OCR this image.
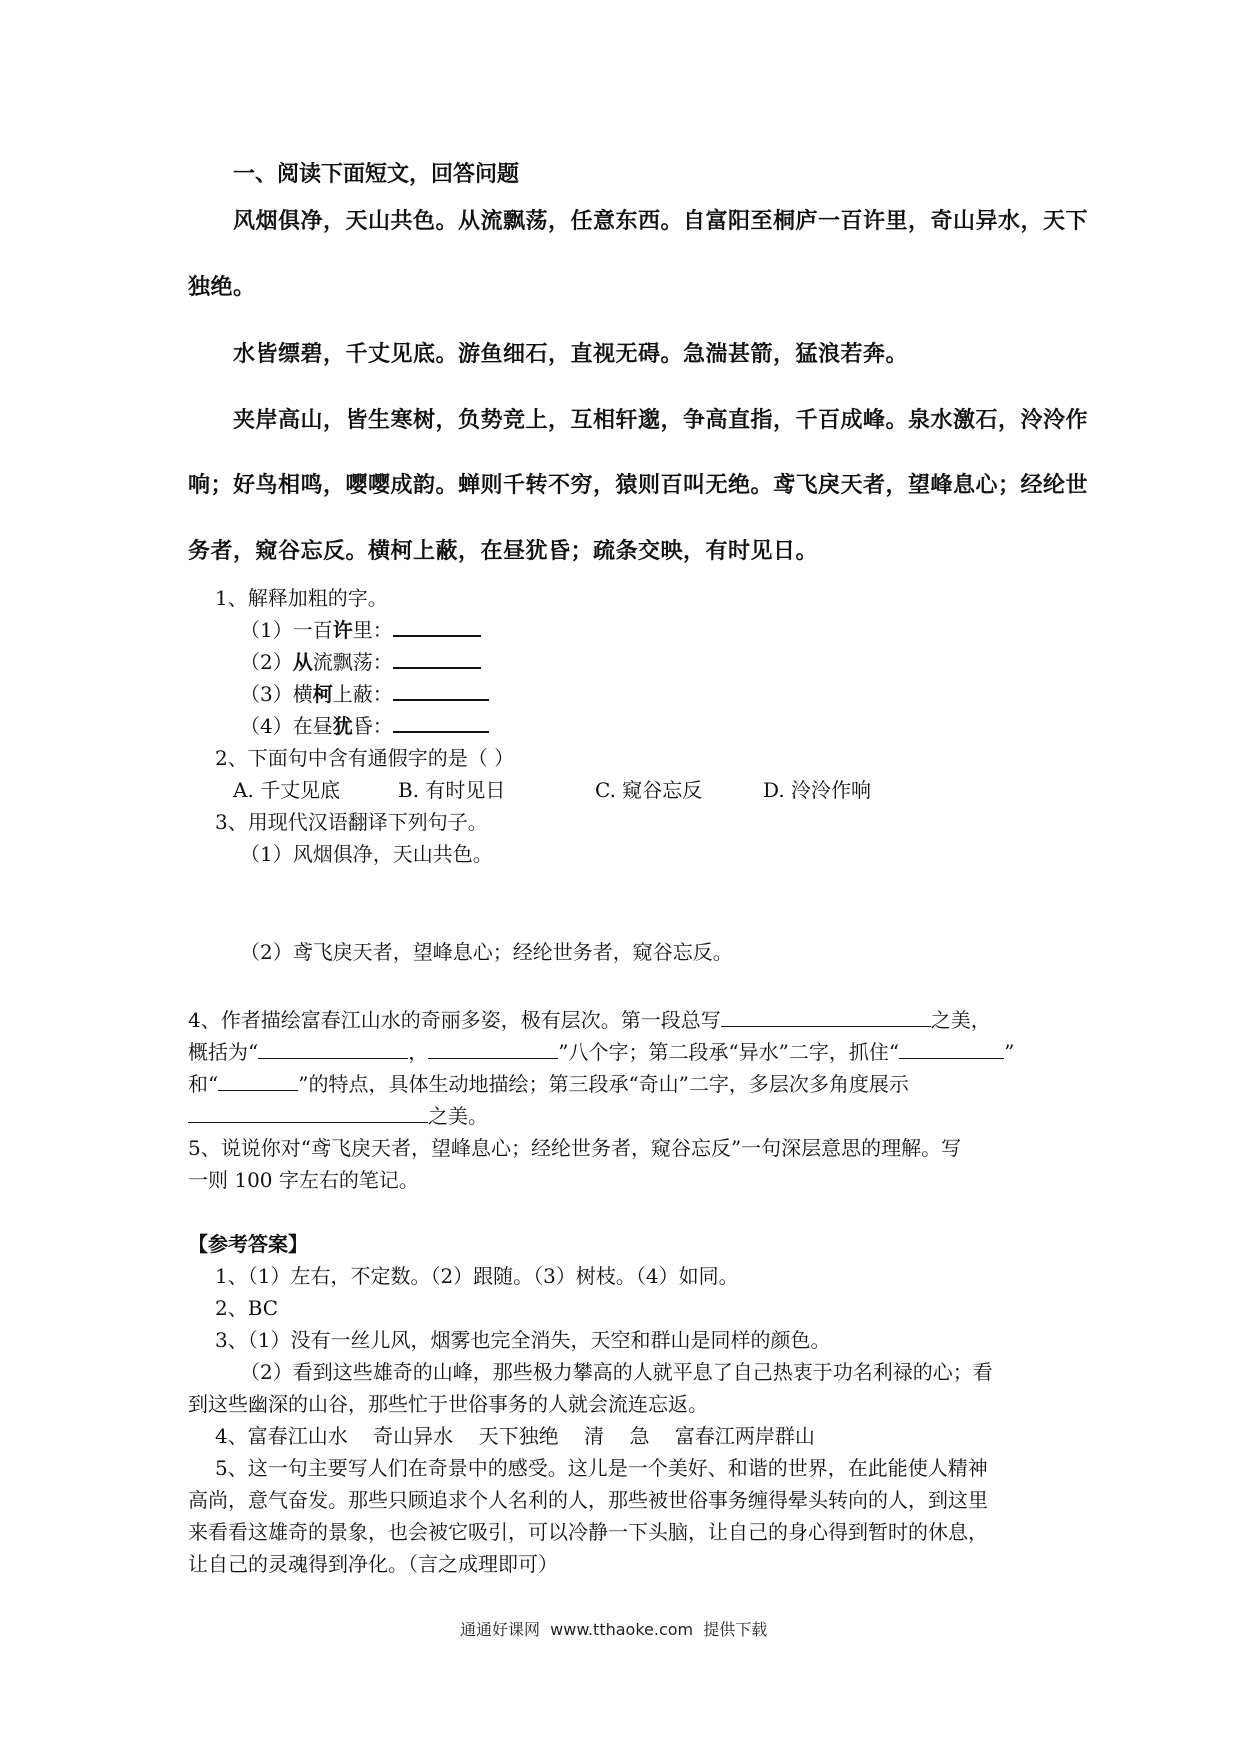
一、阅读下面短文，回答问题
风烟俱净，天山共色。从流飘荡，任意东西。自富阳至桐庐一百许里，奇山异水，天下
独绝。
水皆缥碧，千丈见底。游鱼细石，直视无碍。急湍甚箭，猛浪若奔。
夹岸高山，皆生寒树，负势竞上，互相轩邈，争高直指，千百成峰。泉水激石，泠泠作
响；好鸟相鸣，嘤嘤成韵。蝉则千转不穷，猿则百叫无绝。鸢飞戾天者，望峰息心；经纶世
务者，窥谷忘反。横柯上蔽，在昼犹昏；疏条交映，有时见日。
1、解释加粗的字。
（1）一百许里：
（2）从流飘荡：
（3）横柯上蔽：
（4）在昼犹昏：
2、下面句中含有通假字的是（ ）
A. 千丈见底	B. 有时见日	C. 窥谷忘反	D. 泠泠作响
3、用现代汉语翻译下列句子。
（1）风烟俱净，天山共色。
（2）鸢飞戾天者，望峰息心；经纶世务者，窥谷忘反。
4、作者描绘富春江山水的奇丽多姿，极有层次。第一段总写	之美，
概括为“	，	”八个字；第二段承“异水”二字，抓住“	”
和“	”的特点，具体生动地描绘；第三段承“奇山”二字，多层次多角度展示
之美。
5、说说你对“鸢飞戾天者，望峰息心；经纶世务者，窥谷忘反”一句深层意思的理解。写
一则 100 字左右的笔记。
【参考答案】
1、（1）左右，不定数。（2）跟随。（3）树枝。（4）如同。
2、BC
3、（1）没有一丝儿风，烟雾也完全消失，天空和群山是同样的颜色。
（2）看到这些雄奇的山峰，那些极力攀高的人就平息了自己热衷于功名利禄的心；看
到这些幽深的山谷，那些忙于世俗事务的人就会流连忘返。
4、富春江山水    奇山异水    天下独绝    清    急    富春江两岸群山
5、这一句主要写人们在奇景中的感受。这儿是一个美好、和谐的世界，在此能使人精神
高尚，意气奋发。那些只顾追求个人名利的人，那些被世俗事务缠得晕头转向的人，到这里
来看看这雄奇的景象，也会被它吸引，可以冷静一下头脑，让自己的身心得到暂时的休息，
让自己的灵魂得到净化。（言之成理即可）
通通好课网  www.tthaoke.com  提供下载
